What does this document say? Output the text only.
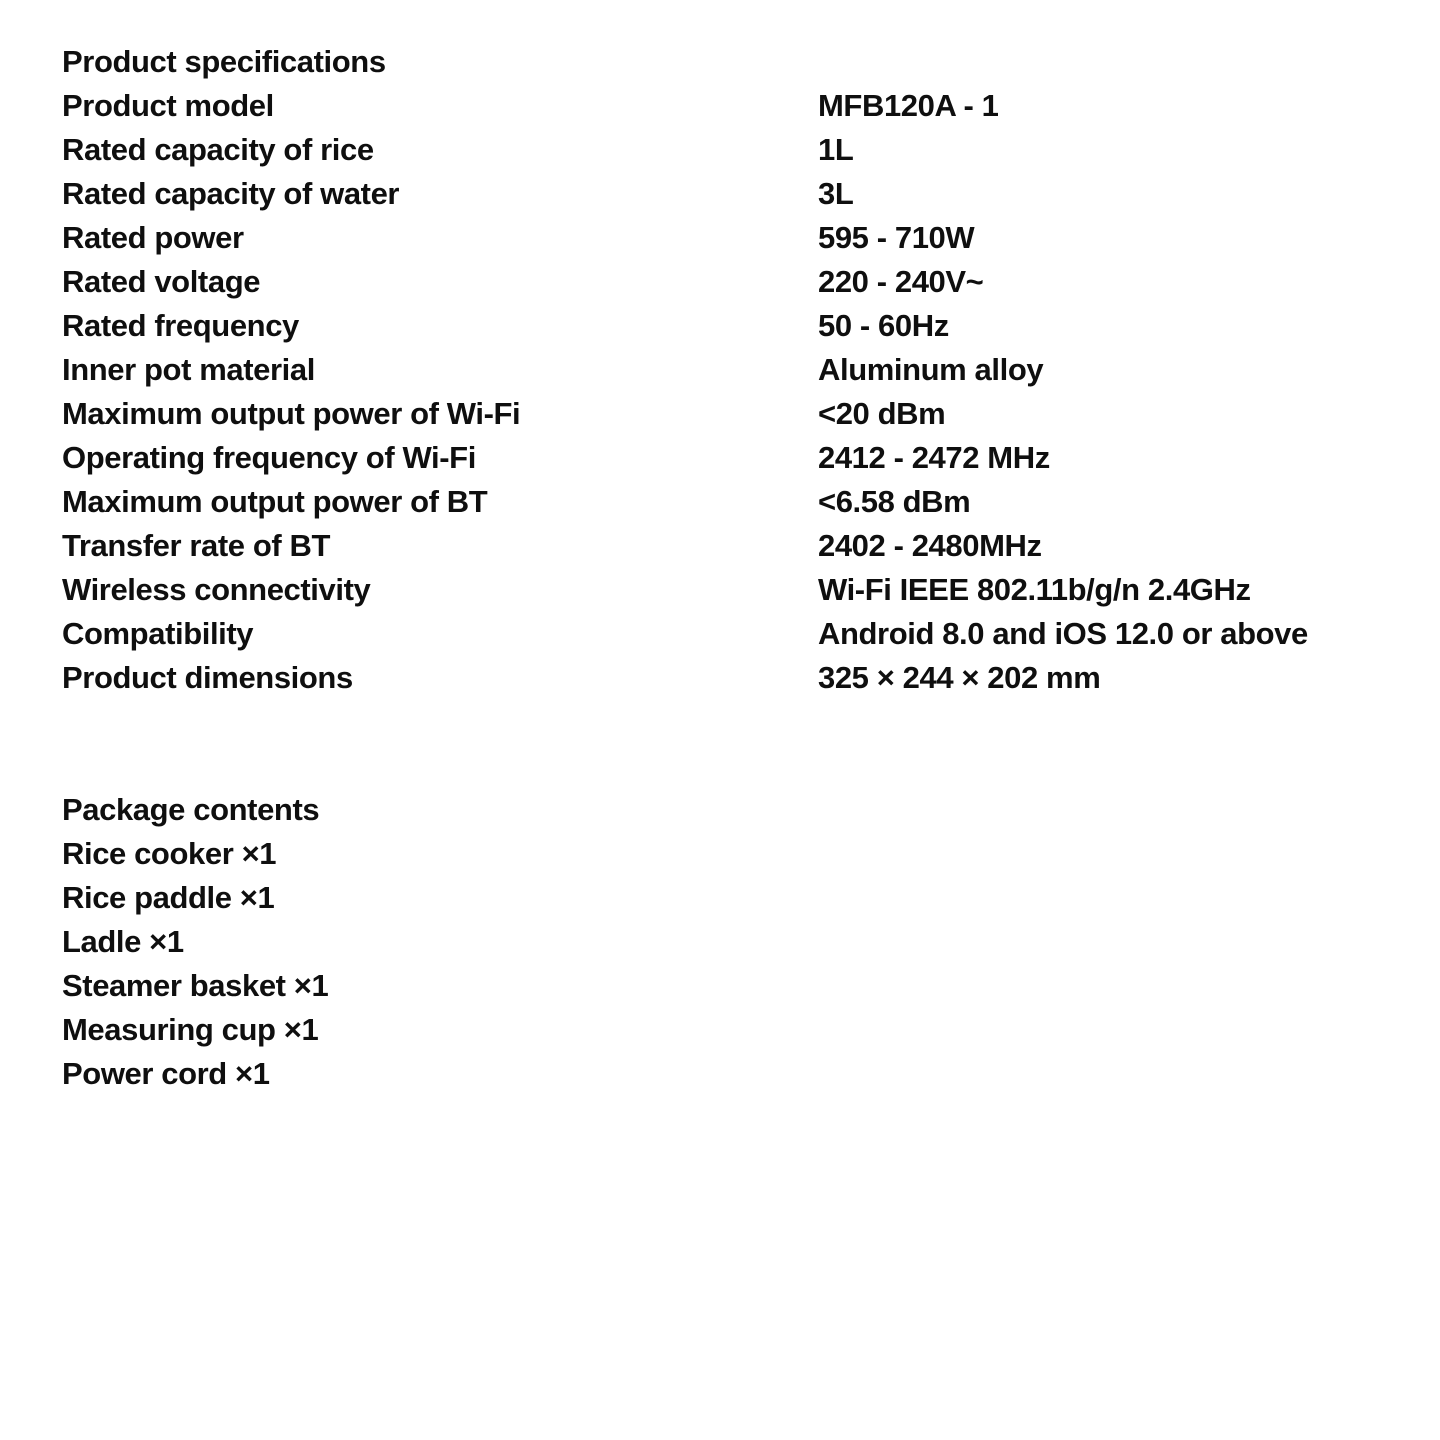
Product specifications
Product model	MFB120A - 1
Rated capacity of rice	1L
Rated capacity of water	3L
Rated power	595 - 710W
Rated voltage	220 - 240V~
Rated frequency	50 - 60Hz
Inner pot material	Aluminum alloy
Maximum output power of Wi-Fi	<20 dBm
Operating frequency of Wi-Fi	2412 - 2472 MHz
Maximum output power of BT	<6.58 dBm
Transfer rate of BT	2402 - 2480MHz
Wireless connectivity	Wi-Fi IEEE 802.11b/g/n 2.4GHz
Compatibility	Android 8.0 and iOS 12.0 or above
Product dimensions	325 × 244 × 202 mm
Package contents
Rice cooker ×1
Rice paddle ×1
Ladle ×1
Steamer basket ×1
Measuring cup ×1
Power cord ×1
